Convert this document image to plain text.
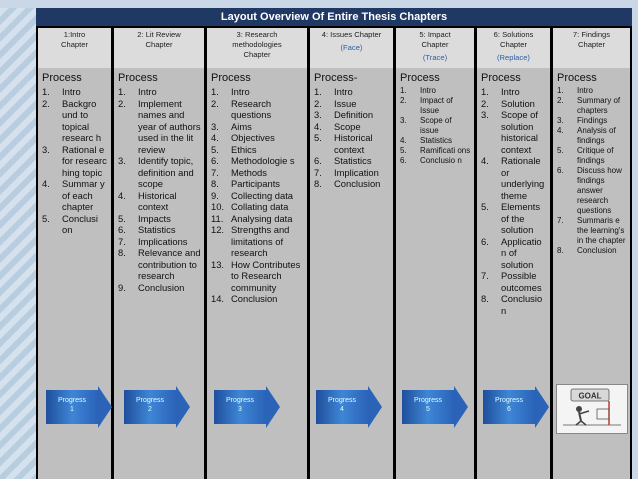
Layout Overview Of Entire Thesis Chapters
1:Intro
Chapter
Process
1. Intro
2. Backgro und to topical researc h
3. Rational e for researc hing topic
4. Summar y of each chapter
5. Conclusi on
2: Lit Review
Chapter
Process
1. Intro
2. Implement names and year of authors used in the lit review
3. Identify topic, definition and scope
4. Historical context
5. Impacts
6. Statistics
7. Implications
8. Relevance and contribution to research
9. Conclusion
3: Research
methodologies
Chapter
Process
1. Intro
2. Research questions
3. Aims
4. Objectives
5. Ethics
6. Methodologie s
7. Methods
8. Participants
9. Collecting data
10. Collating data
11. Analysing data
12. Strengths and limitations of research
13. How Contributes to Research community
14. Conclusion
4: Issues Chapter
(Face)
Process-
1. Intro
2. Issue
3. Definition
4. Scope
5. Historical context
6. Statistics
7. Implication
8. Conclusion
5: Impact
Chapter
(Trace)
Process
1. Intro
2. Impact of Issue
3. Scope of issue
4. Statistics
5. Ramificati ons
6. Conclusio n
6: Solutions
Chapter
(Replace)
Process
1. Intro
2. Solution
3. Scope of solution historical context
4. Rationale or underlying theme
5. Elements of the solution
6. Applicatio n of solution
7. Possible outcomes
8. Conclusio n
7: Findings
Chapter
Process
1. Intro
2. Summary of chapters
3. Findings
4. Analysis of findings
5. Critique of findings
6. Discuss how findings answer research questions
7. Summaris e the learning's in the chapter
8. Conclusion
Progress
1
Progress
2
Progress
3
Progress
4
Progress
5
Progress
6
GOAL
